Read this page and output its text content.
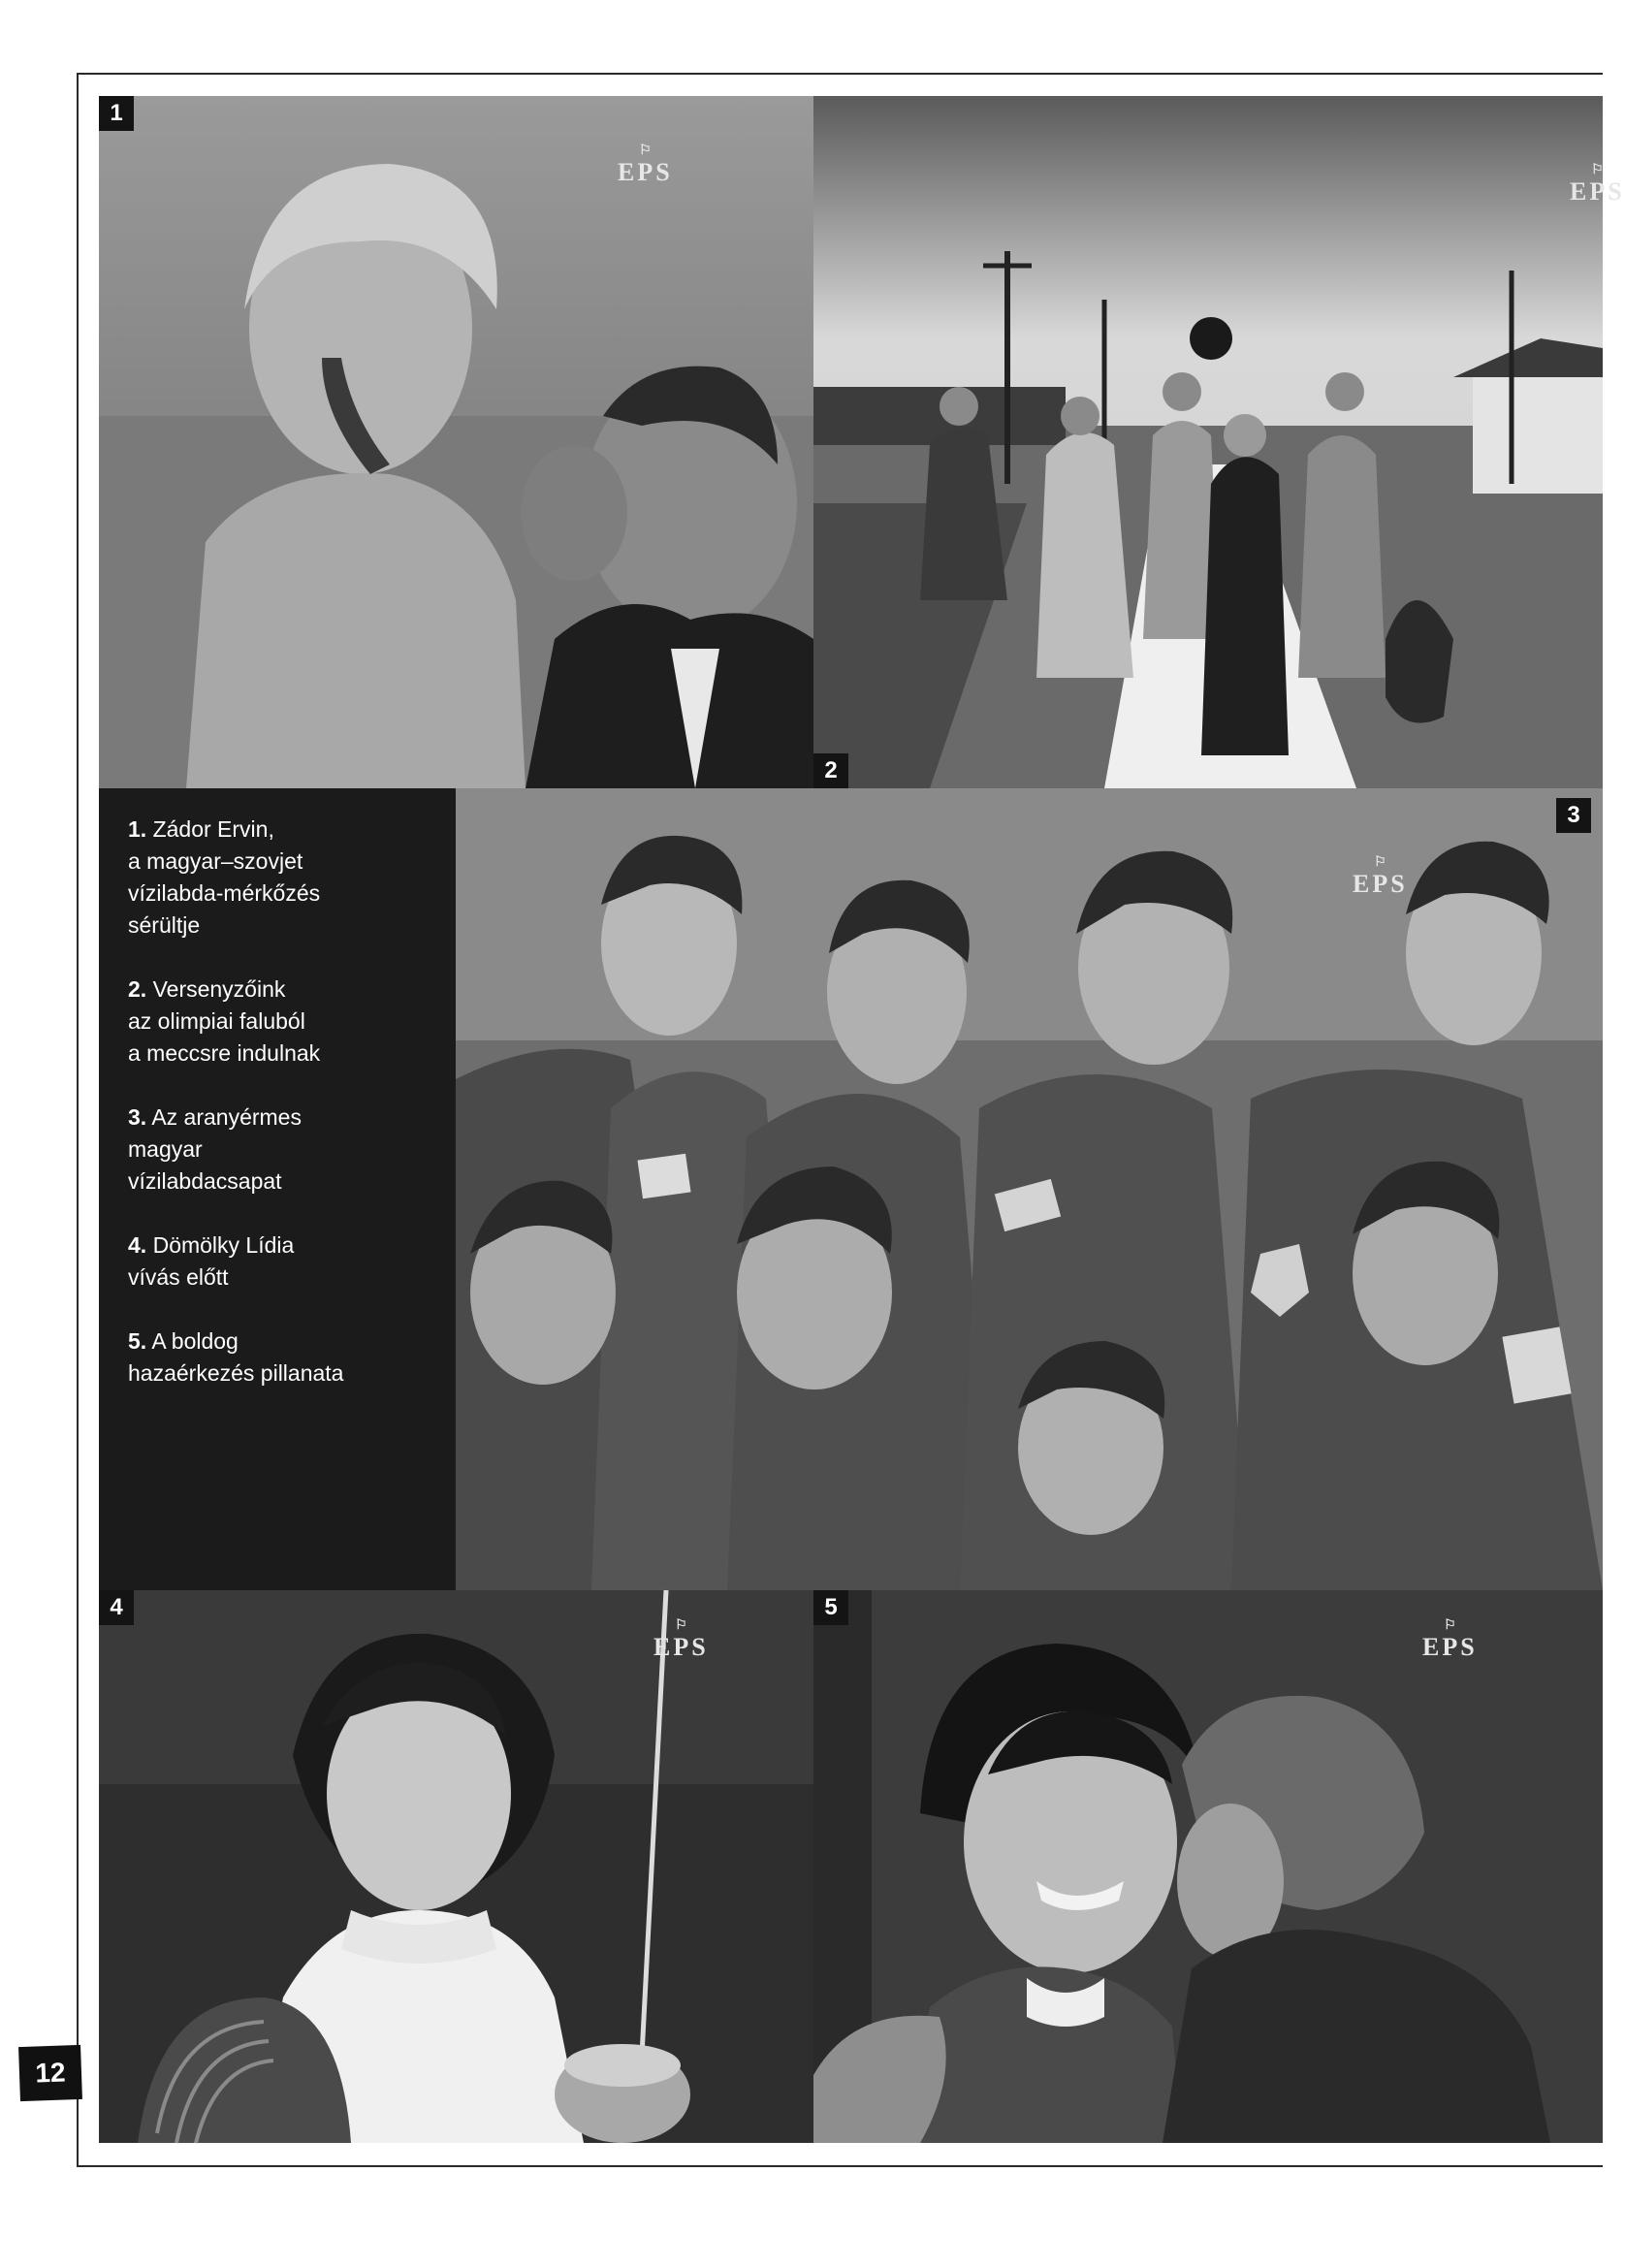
1
⚐
EPS
2
⚐
EPS

1. Zádor Ervin,
a magyar–szovjet
vízilabda-mérkőzés
sérültje

2. Versenyzőink
az olimpiai faluból
a meccsre indulnak

3. Az aranyérmes
magyar
vízilabdacsapat

4. Dömölky Lídia
vívás előtt

5. A boldog
hazaérkezés pillanata

3
⚐
EPS
4
⚐
EPS
5
⚐
EPS
12
